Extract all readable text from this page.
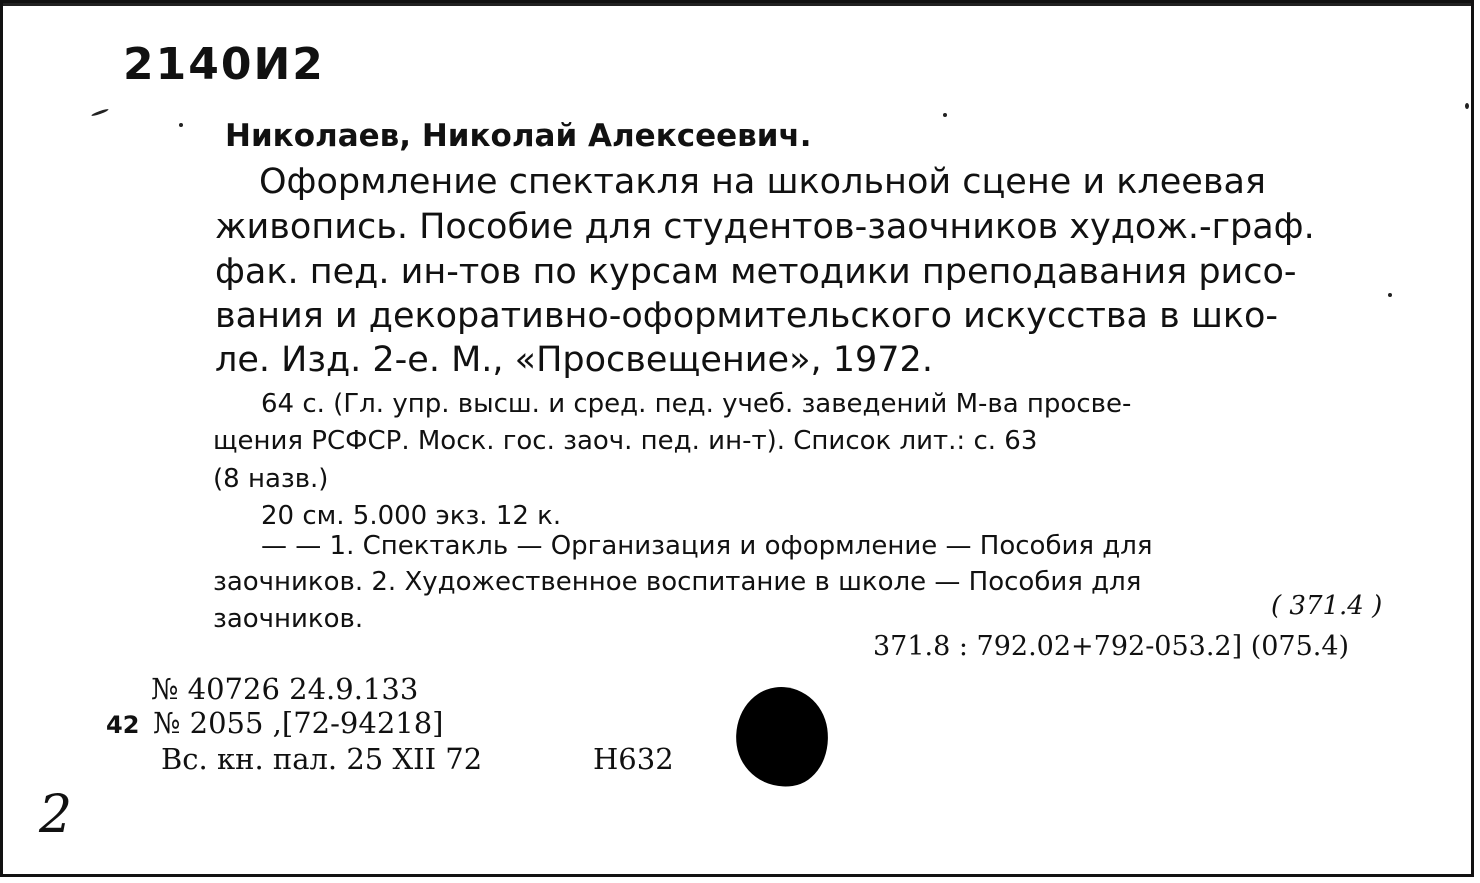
2140И2
Николаев, Николай Алексеевич.
Оформление спектакля на школьной сцене и клеевая
живопись. Пособие для студентов-заочников худож.-граф.
фак. пед. ин-тов по курсам методики преподавания рисо-
вания и декоративно-оформительского искусства в шко-
ле. Изд. 2-е. М., «Просвещение», 1972.
64 с. (Гл. упр. высш. и сред. пед. учеб. заведений М-ва просве-
щения РСФСР. Моск. гос. заоч. пед. ин-т). Список лит.: с. 63
(8 назв.)
20 см. 5.000 экз. 12 к.
— — 1. Спектакль — Организация и оформление — Пособия для
заочников. 2. Художественное воспитание в школе — Пособия для
заочников.	( 371.4 )
371.8 : 792.02+792-053.2] (075.4)
№ 40726 24.9.133
42 № 2055 ,[72-94218]
Вс. кн. пал. 25 XII 72	Н632
2
